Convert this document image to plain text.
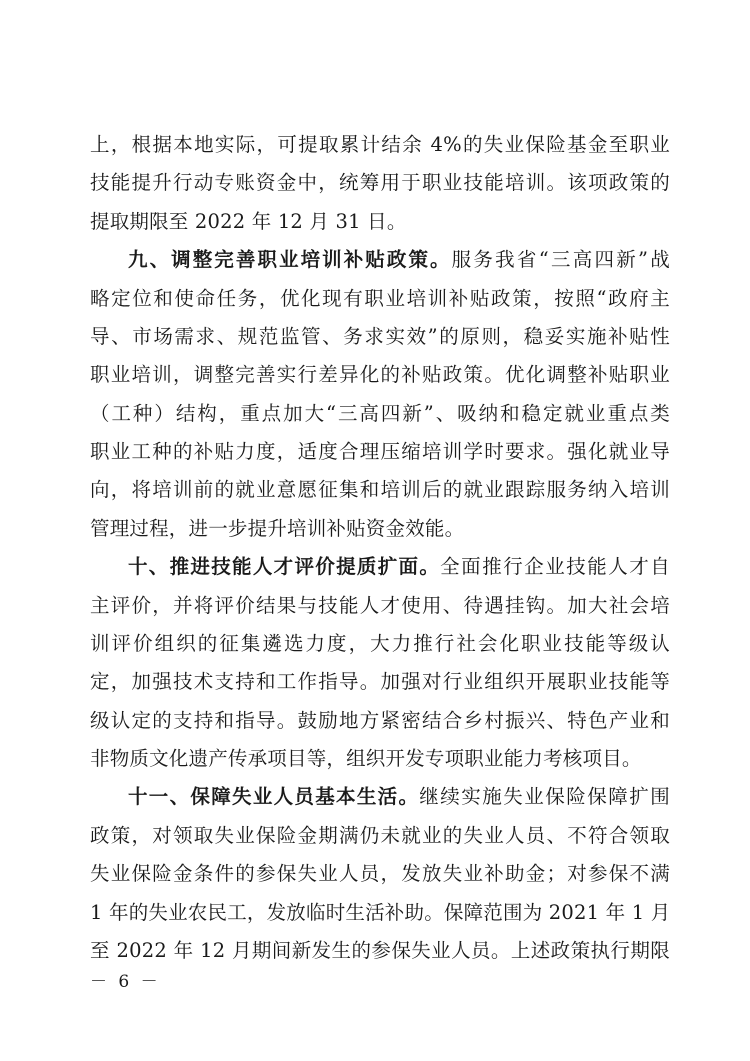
上，根据本地实际，可提取累计结余 4%的失业保险基金至职业
技能提升行动专账资金中，统筹用于职业技能培训。该项政策的
提取期限至 2022 年 12 月 31 日。
九、调整完善职业培训补贴政策。服务我省“三高四新”战
略定位和使命任务，优化现有职业培训补贴政策，按照“政府主
导、市场需求、规范监管、务求实效”的原则，稳妥实施补贴性
职业培训，调整完善实行差异化的补贴政策。优化调整补贴职业
（工种）结构，重点加大“三高四新”、吸纳和稳定就业重点类
职业工种的补贴力度，适度合理压缩培训学时要求。强化就业导
向，将培训前的就业意愿征集和培训后的就业跟踪服务纳入培训
管理过程，进一步提升培训补贴资金效能。
十、推进技能人才评价提质扩面。全面推行企业技能人才自
主评价，并将评价结果与技能人才使用、待遇挂钩。加大社会培
训评价组织的征集遴选力度，大力推行社会化职业技能等级认
定，加强技术支持和工作指导。加强对行业组织开展职业技能等
级认定的支持和指导。鼓励地方紧密结合乡村振兴、特色产业和
非物质文化遗产传承项目等，组织开发专项职业能力考核项目。
十一、保障失业人员基本生活。继续实施失业保险保障扩围
政策，对领取失业保险金期满仍未就业的失业人员、不符合领取
失业保险金条件的参保失业人员，发放失业补助金；对参保不满
1 年的失业农民工，发放临时生活补助。保障范围为 2021 年 1 月
至 2022 年 12 月期间新发生的参保失业人员。上述政策执行期限
－ 6 －
